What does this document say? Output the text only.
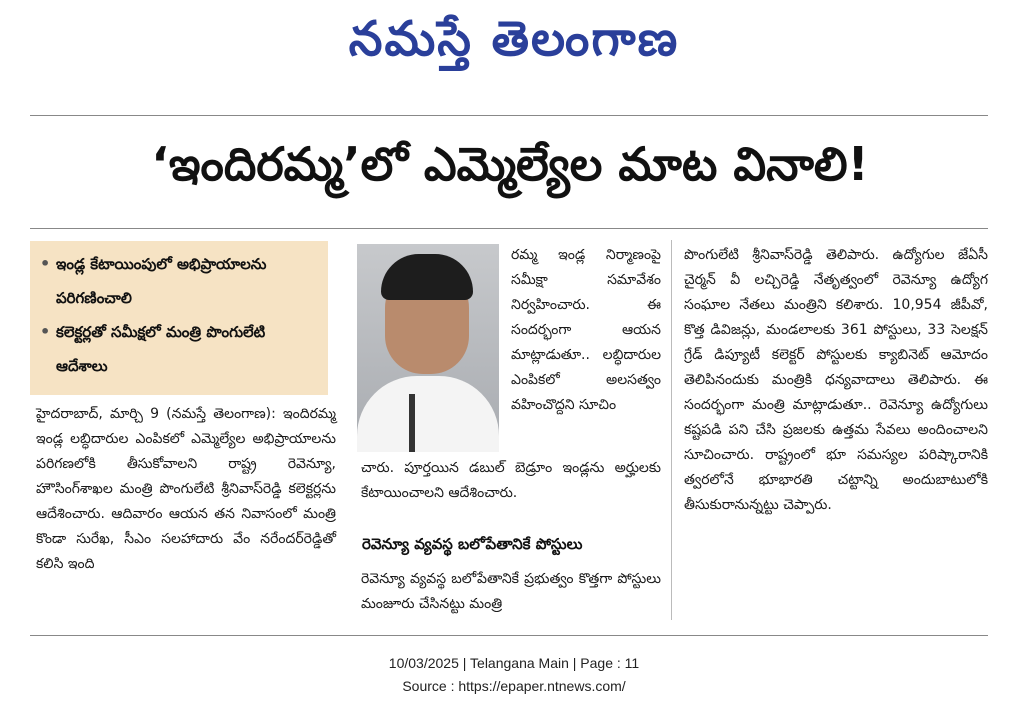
నమస్తే తెలంగాణ
‘ఇందిరమ్మ’లో ఎమ్మెల్యేల మాట వినాలి!
• ఇండ్ల కేటాయింపులో అభిప్రాయాలను పరిగణించాలి
• కలెక్టర్లతో సమీక్షలో మంత్రి పొంగులేటి ఆదేశాలు

హైదరాబాద్, మార్చి 9 (నమస్తే తెలంగాణ): ఇందిరమ్మ ఇండ్ల లబ్ధిదారుల ఎంపికలో ఎమ్మెల్యేల అభిప్రాయాలను పరిగణలోకి తీసుకోవాలని రాష్ట్ర రెవెన్యూ, హౌసింగ్‌శాఖల మంత్రి పొంగులేటి శ్రీనివాస్‌రెడ్డి కలెక్టర్లను ఆదేశించారు. ఆదివారం ఆయన తన నివాసంలో మంత్రి కొండా సురేఖ, సీఎం సలహాదారు వేం నరేందర్‌రెడ్డితో కలిసి ఇంది

రమ్మ ఇండ్ల నిర్మాణంపై సమీక్షా సమావేశం నిర్వహించారు. ఈ సందర్భంగా ఆయన మాట్లాడుతూ.. లబ్ధిదారుల ఎంపికలో అలసత్వం వహించొద్దని సూచిం

చారు. పూర్తయిన డబుల్ బెడ్రూం ఇండ్లను అర్హులకు కేటాయించాలని ఆదేశించారు.

రెవెన్యూ వ్యవస్థ బలోపేతానికే పోస్టులు

రెవెన్యూ వ్యవస్థ బలోపేతానికే ప్రభుత్వం కొత్తగా పోస్టులు మంజూరు చేసినట్టు మంత్రి

పొంగులేటి శ్రీనివాస్‌రెడ్డి తెలిపారు. ఉద్యోగుల జేఏసీ చైర్మన్ వీ లచ్చిరెడ్డి నేతృత్వంలో రెవెన్యూ ఉద్యోగ సంఘాల నేతలు మంత్రిని కలిశారు. 10,954 జీపీవో, కొత్త డివిజన్లు, మండలాలకు 361 పోస్టులు, 33 సెలక్షన్ గ్రేడ్ డిప్యూటీ కలెక్టర్ పోస్టులకు క్యాబినెట్ ఆమోదం తెలిపినందుకు మంత్రికి ధన్యవాదాలు తెలిపారు. ఈ సందర్భంగా మంత్రి మాట్లాడుతూ.. రెవెన్యూ ఉద్యోగులు కష్టపడి పని చేసి ప్రజలకు ఉత్తమ సేవలు అందించాలని సూచించారు. రాష్ట్రంలో భూ సమస్యల పరిష్కారానికి త్వరలోనే భూభారతి చట్టాన్ని అందుబాటులోకి తీసుకురానున్నట్టు చెప్పారు.

10/03/2025 | Telangana Main | Page : 11
Source : https://epaper.ntnews.com/
